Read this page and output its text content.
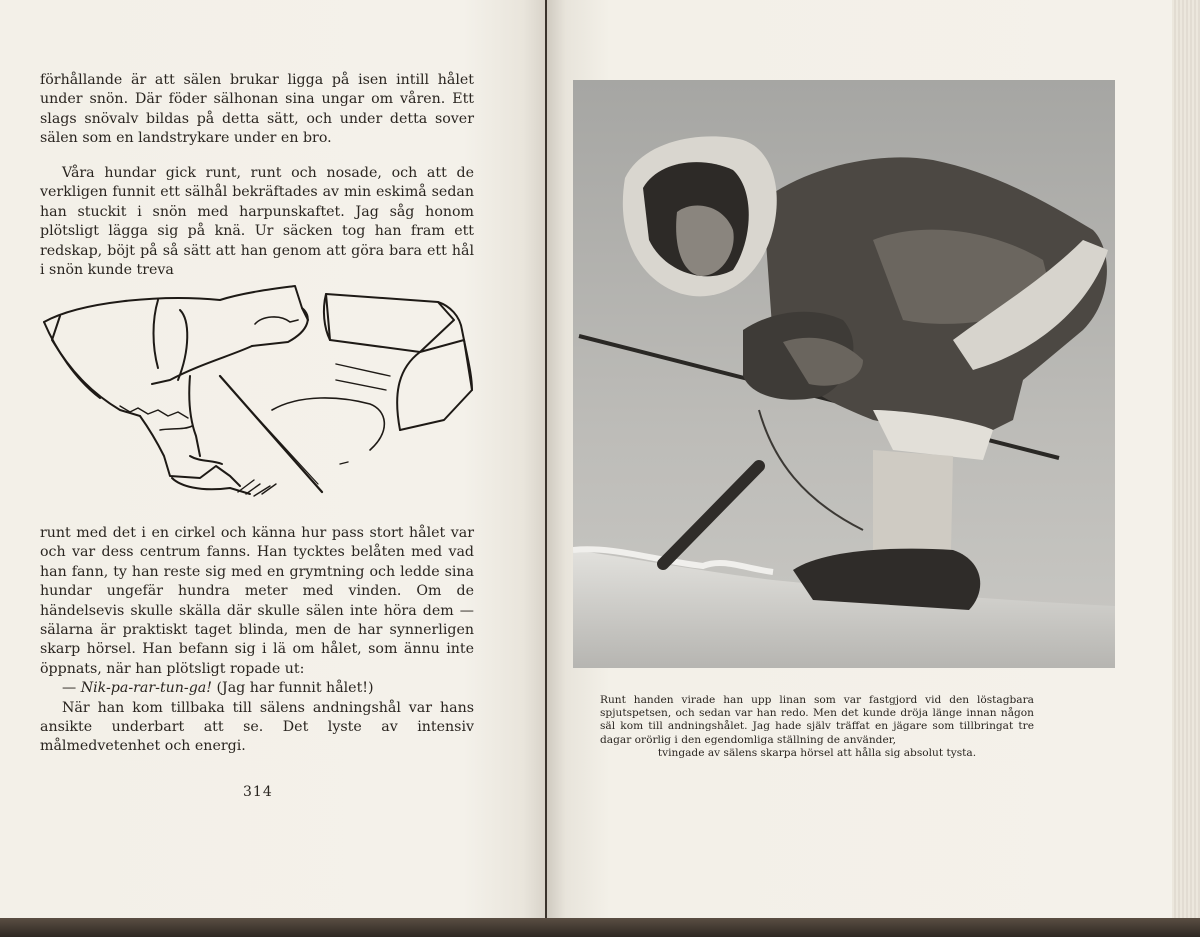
förhållande är att sälen brukar ligga på isen intill hålet under snön. Där föder sälhonan sina ungar om våren. Ett slags snövalv bildas på detta sätt, och under detta sover sälen som en landstrykare under en bro.

Våra hundar gick runt, runt och nosade, och att de verkligen funnit ett sälhål bekräftades av min eskimå sedan han stuckit i snön med harpunskaftet. Jag såg honom plötsligt lägga sig på knä. Ur säcken tog han fram ett redskap, böjt på så sätt att han genom att göra bara ett hål i snön kunde treva

runt med det i en cirkel och känna hur pass stort hålet var och var dess centrum fanns. Han tycktes belåten med vad han fann, ty han reste sig med en grymtning och ledde sina hundar ungefär hundra meter med vinden. Om de händelsevis skulle skälla där skulle sälen inte höra dem — sälarna är praktiskt taget blinda, men de har synnerligen skarp hörsel. Han befann sig i lä om hålet, som ännu inte öppnats, när han plötsligt ropade ut:

— Nik-pa-rar-tun-ga! (Jag har funnit hålet!)

När han kom tillbaka till sälens andningshål var hans ansikte underbart att se. Det lyste av intensiv målmedvetenhet och energi.

314
Runt handen virade han upp linan som var fastgjord vid den löstagbara spjutspetsen, och sedan var han redo. Men det kunde dröja länge innan någon säl kom till andningshålet. Jag hade själv träffat en jägare som tillbringat tre dagar orörlig i den egendomliga ställning de använder,
tvingade av sälens skarpa hörsel att hålla sig absolut tysta.
